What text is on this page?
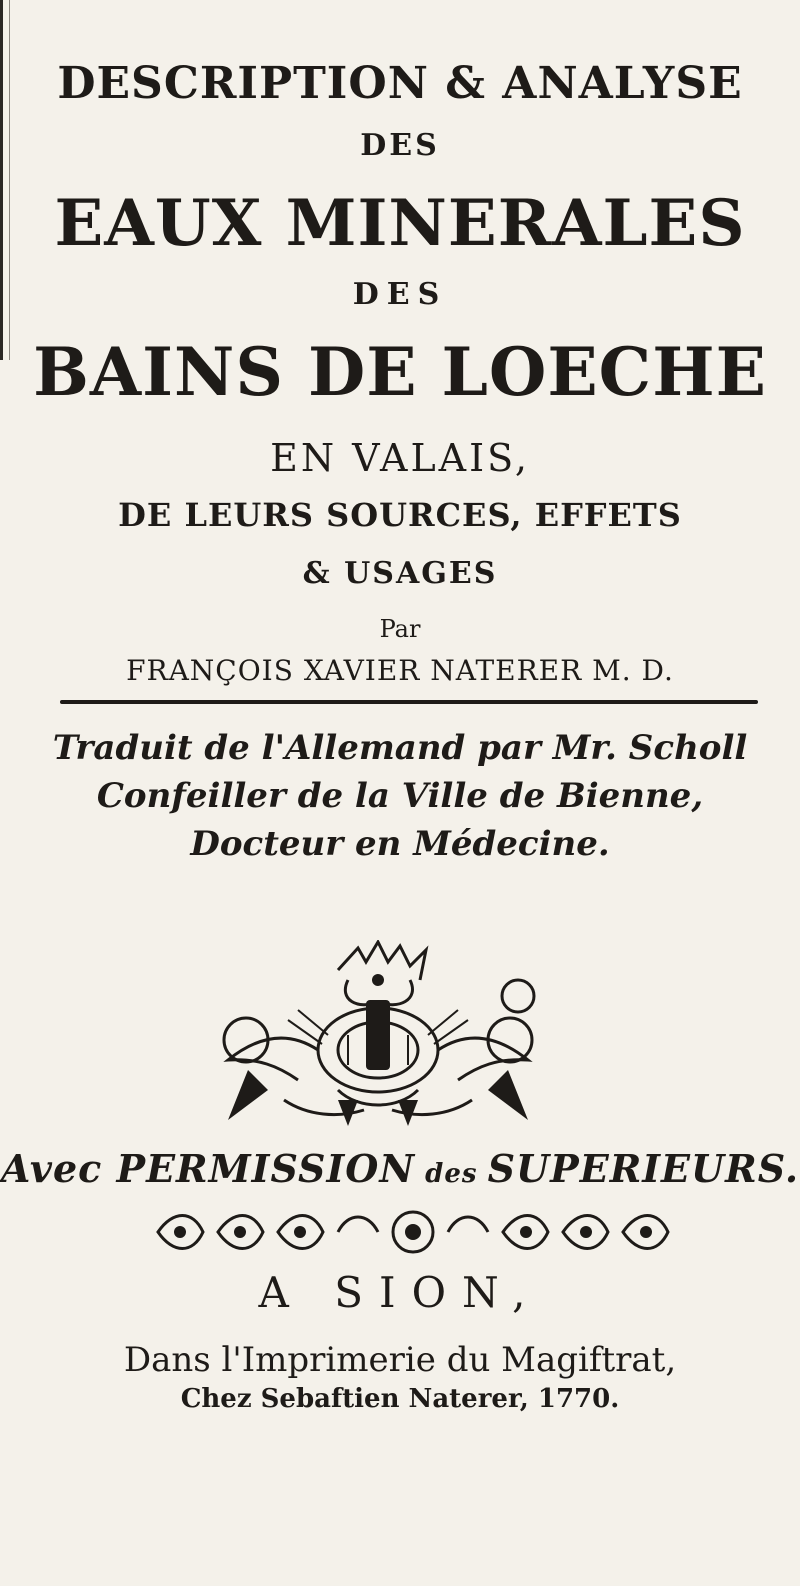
DESCRIPTION & ANALYSE
DES
EAUX MINERALES
DES
BAINS DE LOECHE
EN VALAIS,
DE LEURS SOURCES, EFFETS
& USAGES
Par
FRANÇOIS XAVIER NATERER M. D.
Traduit de l'Allemand par Mr. Scholl
Confeiller de la Ville de Bienne,
Docteur en Médecine.
Avec PERMISSION des SUPERIEURS.
A SION,
Dans l'Imprimerie du Magiftrat,
Chez Sebaftien Naterer, 1770.
